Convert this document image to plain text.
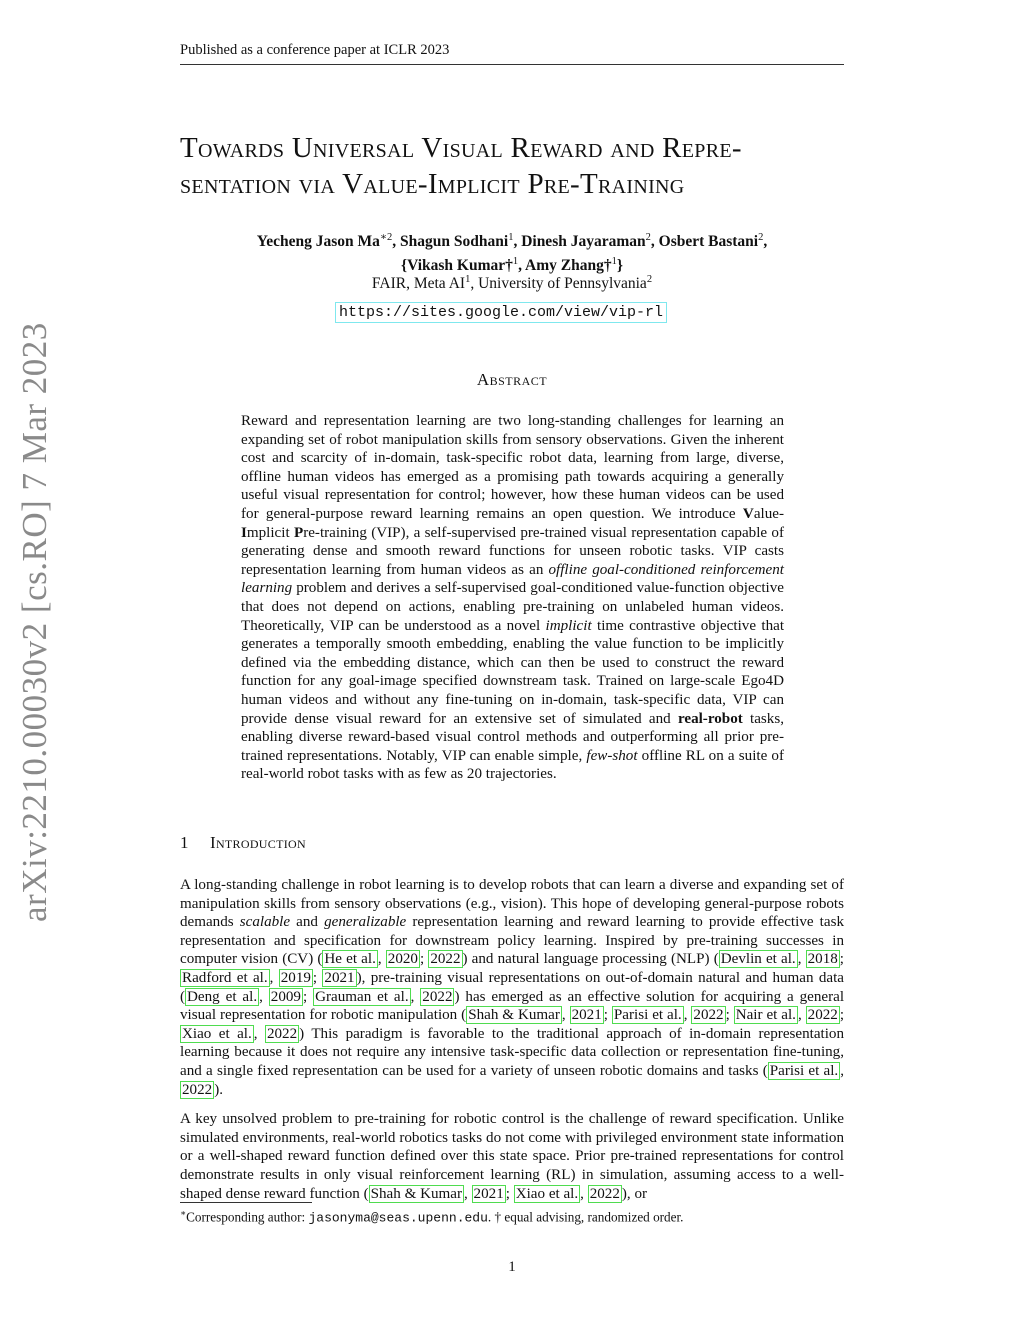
Published as a conference paper at ICLR 2023
arXiv:2210.00030v2 [cs.RO] 7 Mar 2023
Towards Universal Visual Reward and Repre-
sentation via Value-Implicit Pre-Training
Yecheng Jason $Ma^{∗2}$, Shagun Sodhani$^1$, Dinesh Jayaraman$^2$, Osbert Bastani$^2$,
{Vikash Kumar†$^1$, Amy Zhang†$^1$}
FAIR, Meta $AI^1$, University of Pennsylvania$^2$
https://sites.google.com/view/vip-rl
Abstract

Reward and representation learning are two long-standing challenges for learning an expanding set of robot manipulation skills from sensory observations. Given the inherent cost and scarcity of in-domain, task-specific robot data, learning from large, diverse, offline human videos has emerged as a promising path towards acquiring a generally useful visual representation for control; however, how these human videos can be used for general-purpose reward learning remains an open question. We introduce Value-Implicit Pre-training (VIP), a self-supervised pre-trained visual representation capable of generating dense and smooth reward functions for unseen robotic tasks. VIP casts representation learning from human videos as an offline goal-conditioned reinforcement learning problem and derives a self-supervised goal-conditioned value-function objective that does not depend on actions, enabling pre-training on unlabeled human videos. Theoretically, VIP can be understood as a novel implicit time contrastive objective that generates a temporally smooth embedding, enabling the value function to be implicitly defined via the embedding distance, which can then be used to construct the reward function for any goal-image specified downstream task. Trained on large-scale Ego4D human videos and without any fine-tuning on in-domain, task-specific data, VIP can provide dense visual reward for an extensive set of simulated and real-robot tasks, enabling diverse reward-based visual control methods and outperforming all prior pre-trained representations. Notably, VIP can enable simple, few-shot offline RL on a suite of real-world robot tasks with as few as 20 trajectories.

1 Introduction

A long-standing challenge in robot learning is to develop robots that can learn a diverse and expanding set of manipulation skills from sensory observations (e.g., vision). This hope of developing general-purpose robots demands scalable and generalizable representation learning and reward learning to provide effective task representation and specification for downstream policy learning. Inspired by pre-training successes in computer vision (CV) ( He et al. , 2020 ; 2022 ) and natural language processing (NLP) ( Devlin et al. , 2018 ; Radford et al. , 2019 ; 2021 ), pre-training visual representations on out-of-domain natural and human data ( Deng et al. , 2009 ; Grauman et al. , 2022 ) has emerged as an effective solution for acquiring a general visual representation for robotic manipulation ( Shah & Kumar , 2021 ; Parisi et al. , 2022 ; Nair et al. , 2022 ; Xiao et al. , 2022 ) This paradigm is favorable to the traditional approach of in-domain representation learning because it does not require any intensive task-specific data collection or representation fine-tuning, and a single fixed representation can be used for a variety of unseen robotic domains and tasks ( Parisi et al. , 2022 ).

A key unsolved problem to pre-training for robotic control is the challenge of reward specification. Unlike simulated environments, real-world robotics tasks do not come with privileged environment state information or a well-shaped reward function defined over this state space. Prior pre-trained representations for control demonstrate results in only visual reinforcement learning (RL) in simulation, assuming access to a well-shaped dense reward function ( Shah & Kumar , 2021 ; Xiao et al. , 2022 ), or

∗Corresponding author: jasonyma@seas.upenn.edu. † equal advising, randomized order.
1
